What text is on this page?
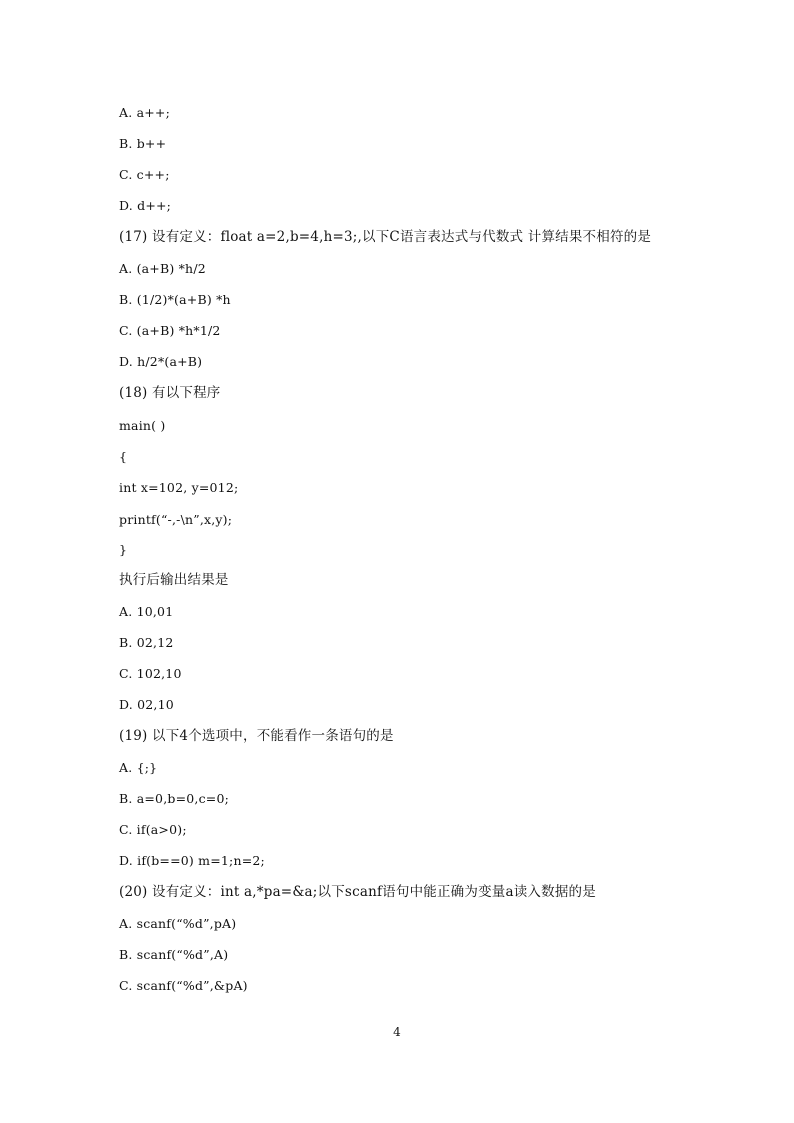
A. a++;
B. b++
C. c++;
D. d++;
(17) 设有定义：float a=2,b=4,h=3;,以下C语言表达式与代数式 计算结果不相符的是
A. (a+B) *h/2
B. (1/2)*(a+B) *h
C. (a+B) *h*1/2
D. h/2*(a+B)
(18) 有以下程序
main( )
{
int x=102, y=012;
printf(“-,-\n”,x,y);
}
执行后输出结果是
A. 10,01
B. 02,12
C. 102,10
D. 02,10
(19) 以下4个选项中，不能看作一条语句的是
A. {;}
B. a=0,b=0,c=0;
C. if(a>0);
D. if(b==0) m=1;n=2;
(20) 设有定义：int a,*pa=&a;以下scanf语句中能正确为变量a读入数据的是
A. scanf(“%d”,pA)
B. scanf(“%d”,A)
C. scanf(“%d”,&pA)
4
